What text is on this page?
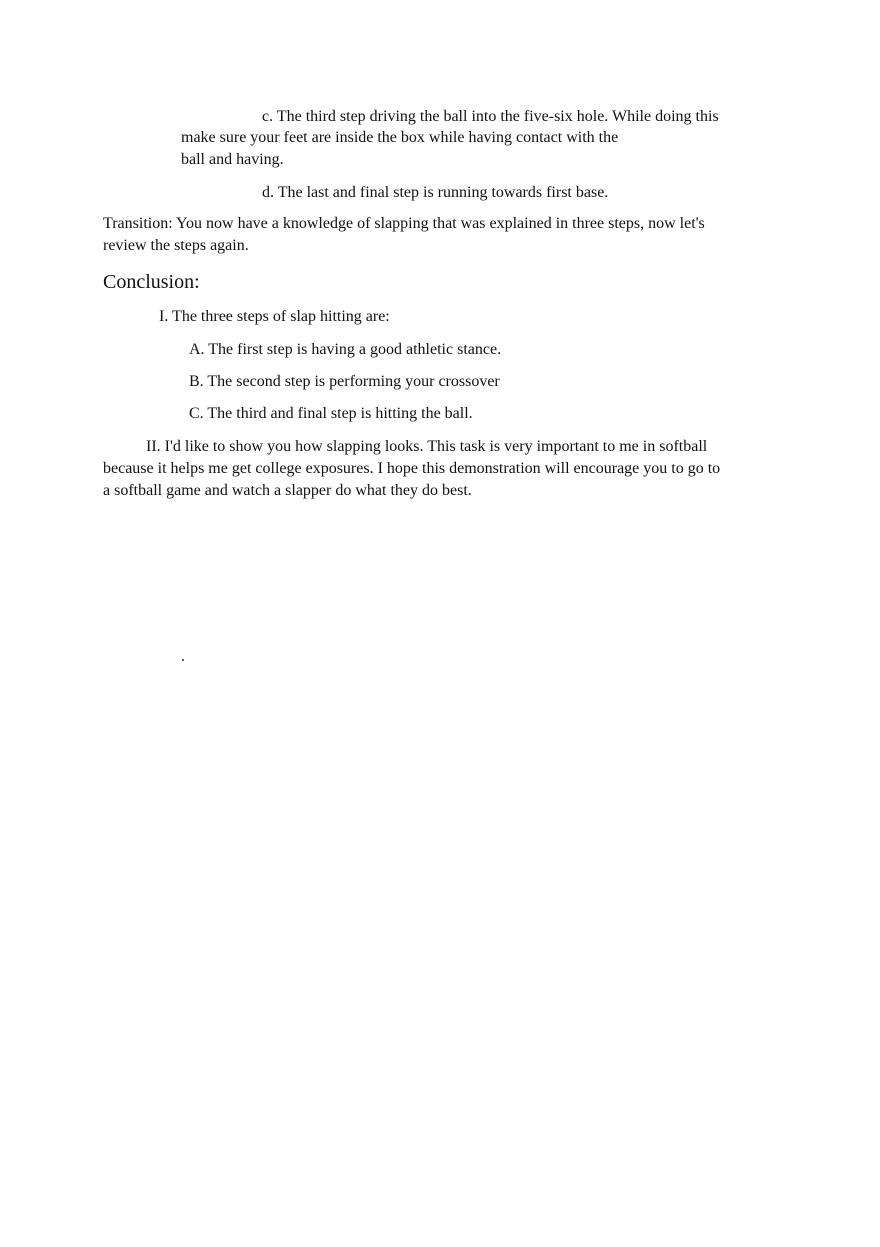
c. The third step driving the ball into the five-six hole. While doing this
make sure your feet are inside the box while having contact with the
ball and having.
d. The last and final step is running towards first base.
Transition: You now have a knowledge of slapping that was explained in three steps, now let's
review the steps again.
Conclusion:
I. The three steps of slap hitting are:
A. The first step is having a good athletic stance.
B. The second step is performing your crossover
C. The third and final step is hitting the ball.
II. I'd like to show you how slapping looks. This task is very important to me in softball
because it helps me get college exposures. I hope this demonstration will encourage you to go to
a softball game and watch a slapper do what they do best.
.
